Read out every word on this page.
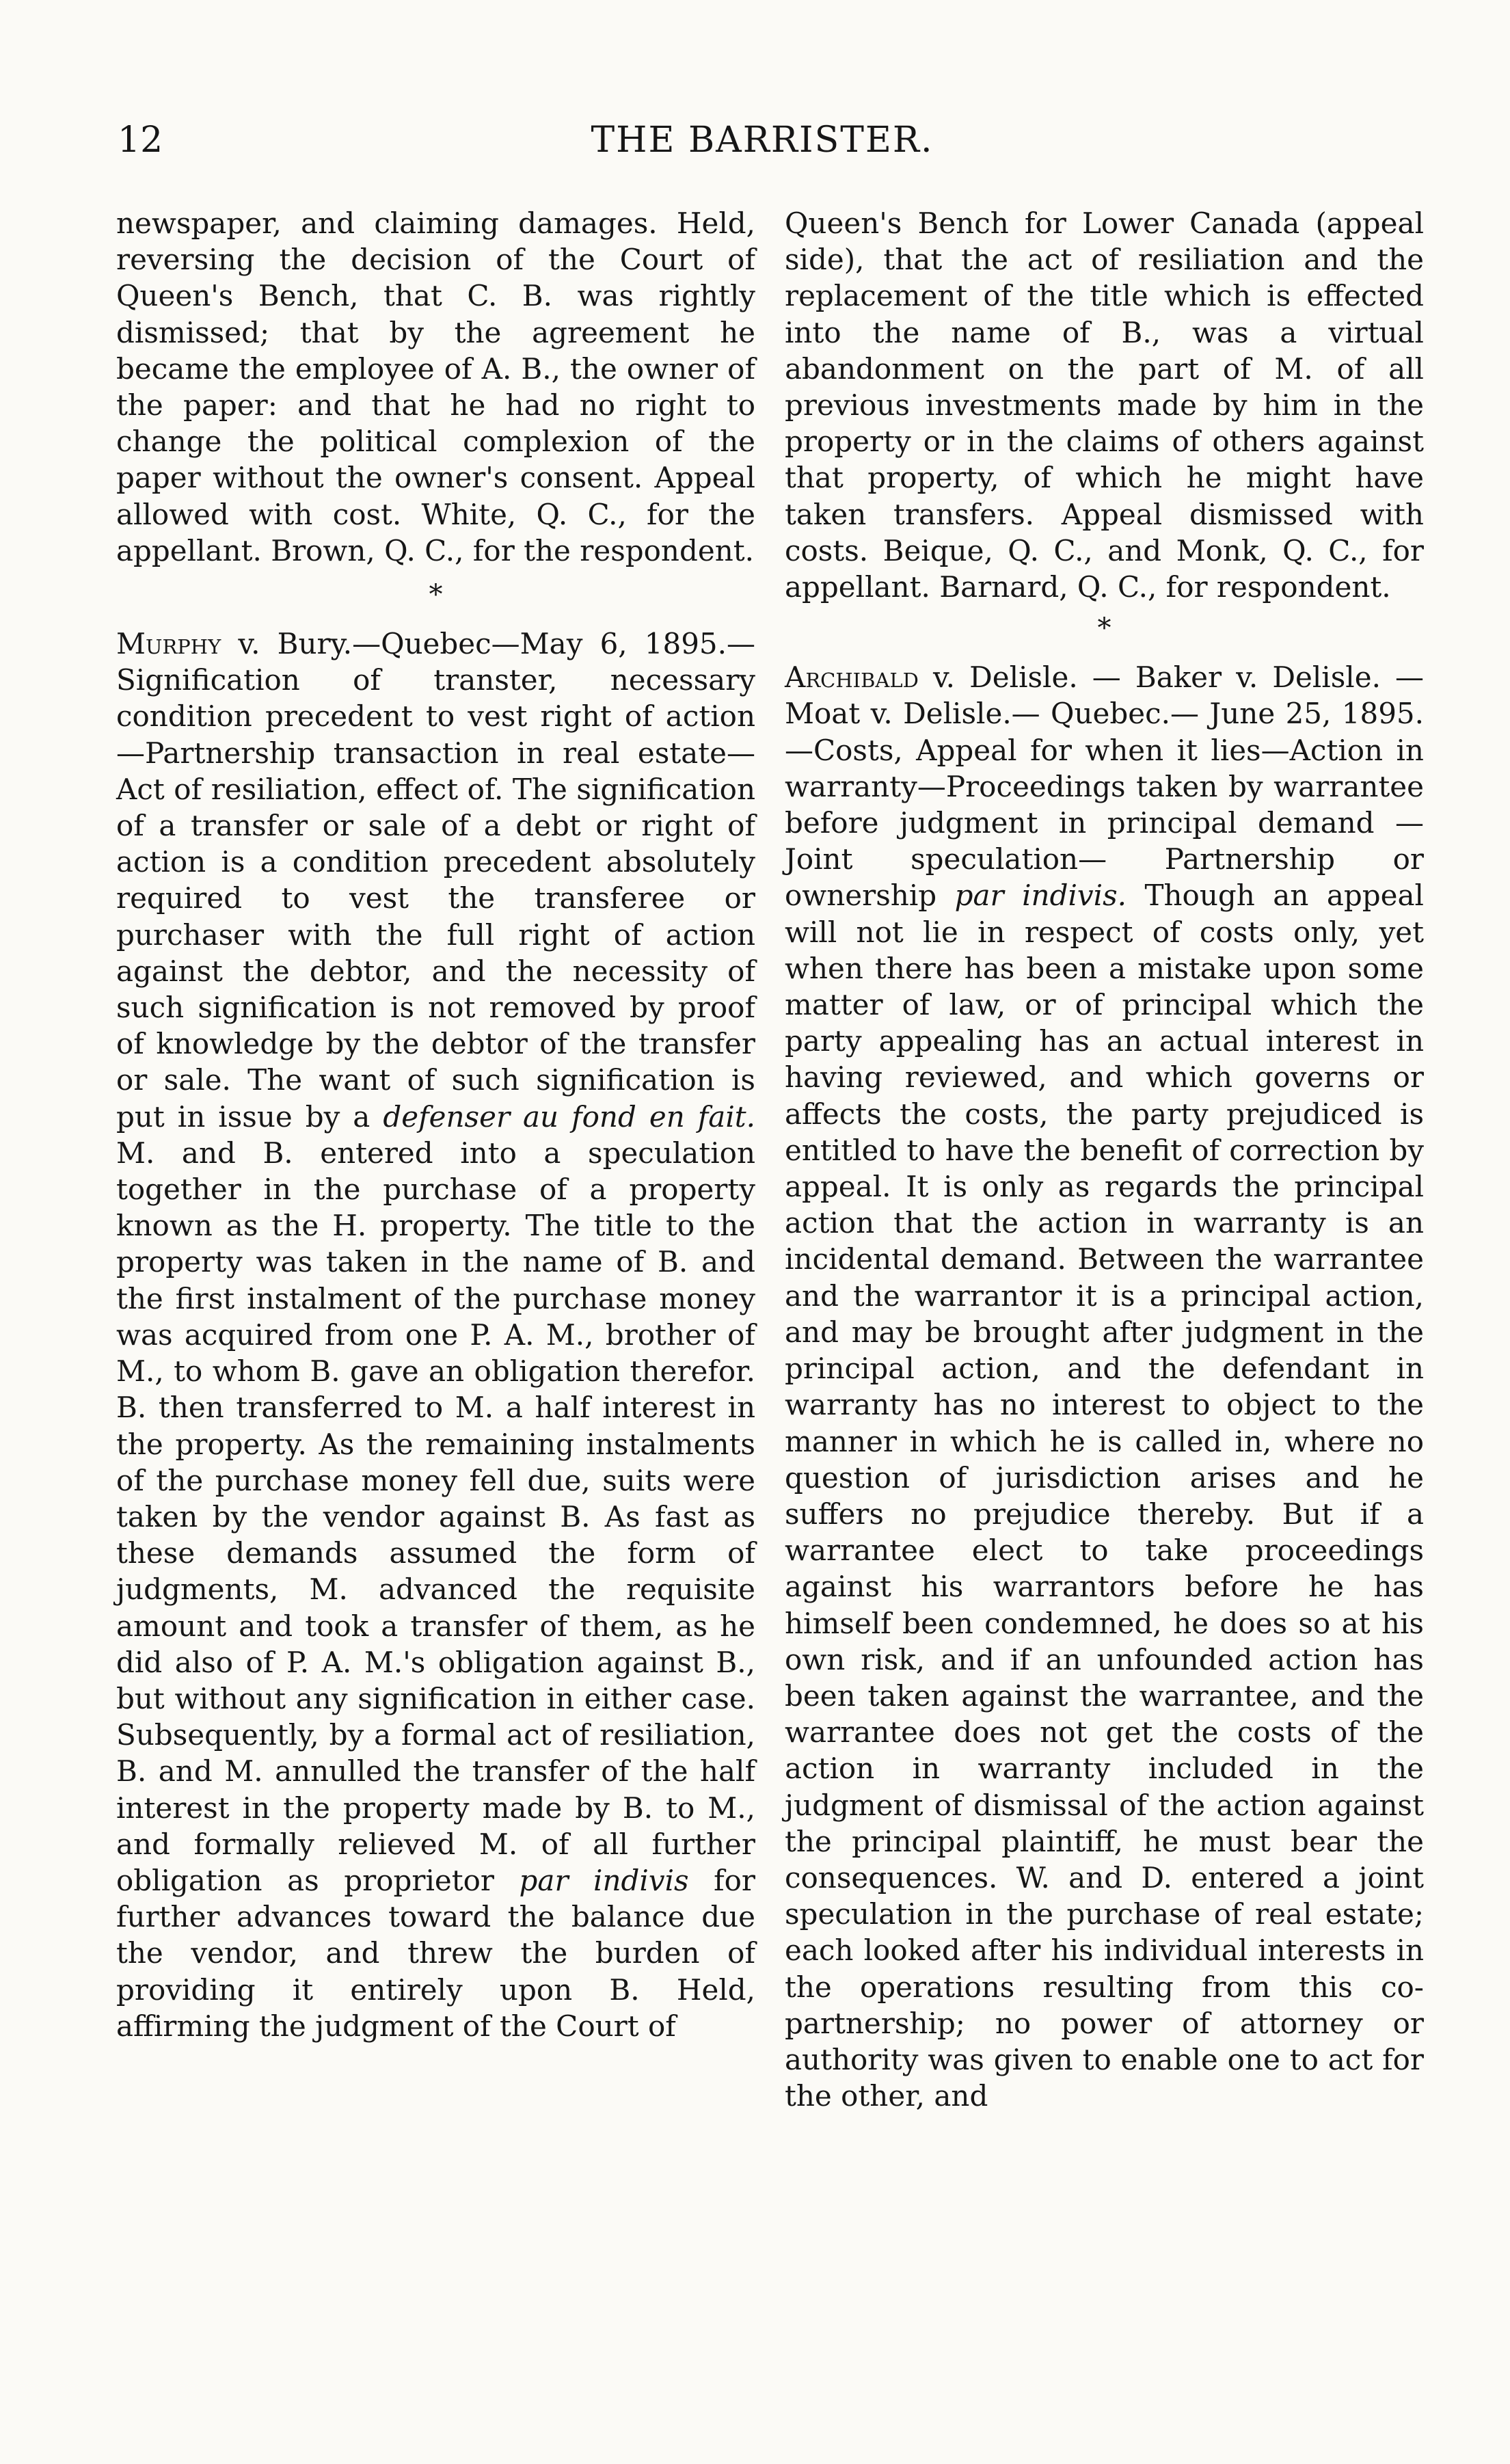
12	THE BARRISTER.

newspaper, and claiming damages. Held, reversing the decision of the Court of Queen's Bench, that C. B. was rightly dismissed; that by the agreement he became the employee of A. B., the owner of the paper: and that he had no right to change the political complexion of the paper without the owner's consent. Appeal allowed with cost. White, Q. C., for the appellant. Brown, Q. C., for the respondent.

*

Murphy v. Bury.—Quebec—May 6, 1895.—Signification of transter, necessary condition precedent to vest right of action—Partnership transaction in real estate—Act of resiliation, effect of. The signification of a transfer or sale of a debt or right of action is a condition precedent absolutely required to vest the transferee or purchaser with the full right of action against the debtor, and the necessity of such signification is not removed by proof of knowledge by the debtor of the transfer or sale. The want of such signification is put in issue by a defenser au fond en fait. M. and B. entered into a speculation together in the purchase of a property known as the H. property. The title to the property was taken in the name of B. and the first instalment of the purchase money was acquired from one P. A. M., brother of M., to whom B. gave an obligation therefor. B. then transferred to M. a half interest in the property. As the remaining instalments of the purchase money fell due, suits were taken by the vendor against B. As fast as these demands assumed the form of judgments, M. advanced the requisite amount and took a transfer of them, as he did also of P. A. M.'s obligation against B., but without any signification in either case. Subsequently, by a formal act of resiliation, B. and M. annulled the transfer of the half interest in the property made by B. to M., and formally relieved M. of all further obligation as proprietor par indivis for further advances toward the balance due the vendor, and threw the burden of providing it entirely upon B. Held, affirming the judgment of the Court of

Queen's Bench for Lower Canada (appeal side), that the act of resiliation and the replacement of the title which is effected into the name of B., was a virtual abandonment on the part of M. of all previous investments made by him in the property or in the claims of others against that property, of which he might have taken transfers. Appeal dismissed with costs. Beique, Q. C., and Monk, Q. C., for appellant. Barnard, Q. C., for respondent.

*

Archibald v. Delisle. — Baker v. Delisle. — Moat v. Delisle.— Quebec.— June 25, 1895.—Costs, Appeal for when it lies—Action in warranty—Proceedings taken by warrantee before judgment in principal demand — Joint speculation— Partnership or ownership par indivis. Though an appeal will not lie in respect of costs only, yet when there has been a mistake upon some matter of law, or of principal which the party appealing has an actual interest in having reviewed, and which governs or affects the costs, the party prejudiced is entitled to have the benefit of correction by appeal. It is only as regards the principal action that the action in warranty is an incidental demand. Between the warrantee and the warrantor it is a principal action, and may be brought after judgment in the principal action, and the defendant in warranty has no interest to object to the manner in which he is called in, where no question of jurisdiction arises and he suffers no prejudice thereby. But if a warrantee elect to take proceedings against his warrantors before he has himself been condemned, he does so at his own risk, and if an unfounded action has been taken against the warrantee, and the warrantee does not get the costs of the action in warranty included in the judgment of dismissal of the action against the principal plaintiff, he must bear the consequences. W. and D. entered a joint speculation in the purchase of real estate; each looked after his individual interests in the operations resulting from this co-partnership; no power of attorney or authority was given to enable one to act for the other, and
